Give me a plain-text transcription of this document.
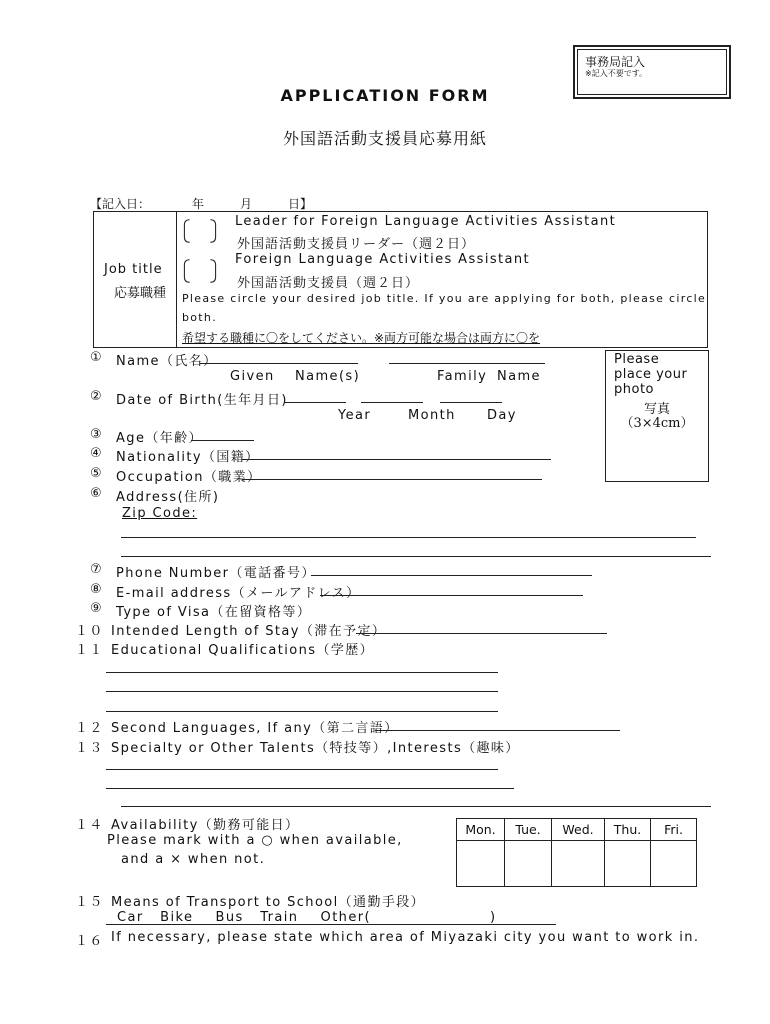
事務局記入
※記入不要です。
APPLICATION FORM
外国語活動支援員応募用紙
【記入日：　　　　年　　　月　　　日】
Job title
応募職種
Leader for Foreign Language Activities Assistant
外国語活動支援員リーダー（週２日）
Foreign Language Activities Assistant
外国語活動支援員（週２日）
Please circle your desired job title. If you are applying for both, please circle
both.
希望する職種に〇をしてください。※両方可能な場合は両方に〇を
Please
place your
photo
写真
（3×4cm）
① Name（氏名）
Given Name(s)	Family Name
② Date of Birth(生年月日)
Year	Month Day
③ Age（年齢）
④ Nationality（国籍）
⑤ Occupation（職業）
⑥ Address(住所)
Zip Code:
⑦ Phone Number（電話番号）
⑧ E-mail address（メールアドレス）
⑨ Type of Visa（在留資格等）
１０ Intended Length of Stay（滞在予定）
１１ Educational Qualifications（学歴）
１２ Second Languages, If any（第二言語）
１３ Specialty or Other Talents（特技等）,Interests（趣味）
１４ Availability（勤務可能日）
Please mark with a ○ when available,
and a × when not.
Mon.	Tue.	Wed.	Thu.	Fri.

１５ Means of Transport to School（通勤手段）
Car   Bike    Bus   Train    Other(	)
１６ If necessary, please state which area of Miyazaki city you want to work in.
